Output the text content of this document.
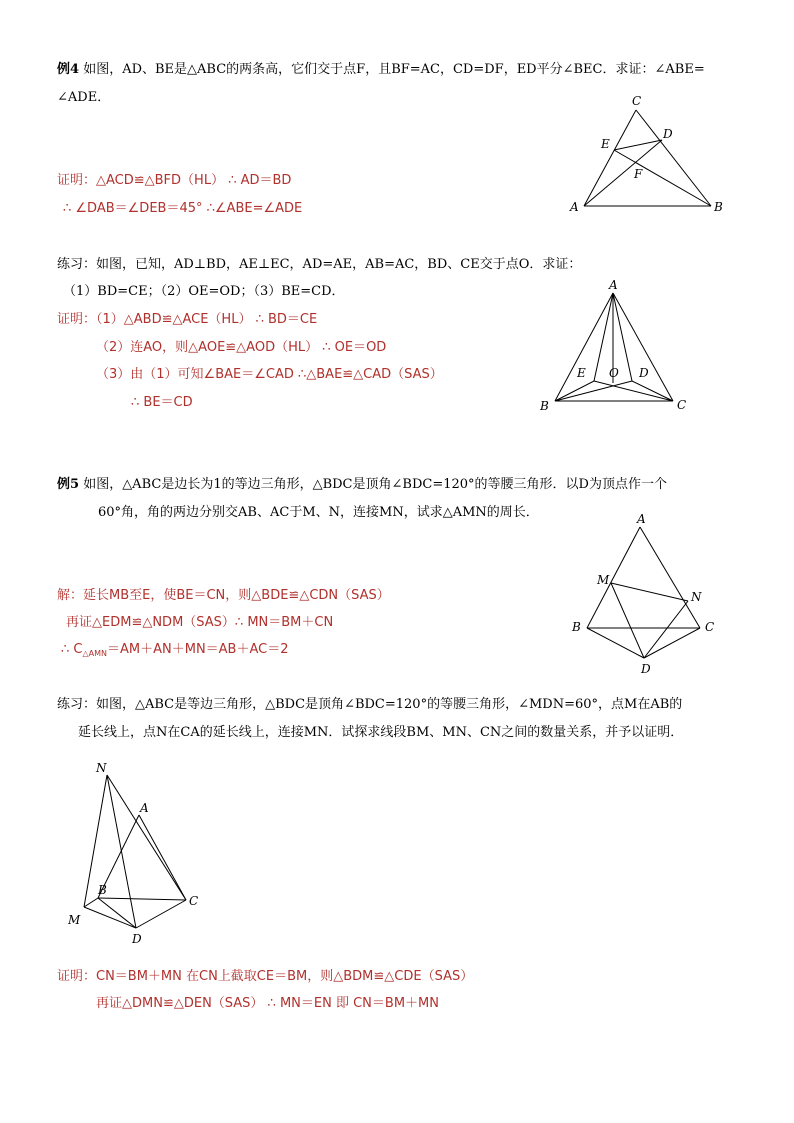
例4 如图，AD、BE是△ABC的两条高，它们交于点F，且BF=AC，CD=DF，ED平分∠BEC．求证：∠ABE=
∠ADE．	C
D
E
F
A	B
证明：△ACD≌△BFD（HL） ∴ AD＝BD
∴ ∠DAB＝∠DEB＝45° ∴∠ABE=∠ADE
练习：如图，已知，AD⊥BD，AE⊥EC，AD=AE，AB=AC，BD、CE交于点O．求证：
（1）BD=CE；（2）OE=OD；（3）BE=CD．	A
E O D
B	C
证明：（1）△ABD≌△ACE（HL） ∴ BD＝CE
（2）连AO，则△AOE≌△AOD（HL） ∴ OE＝OD
（3）由（1）可知∠BAE＝∠CAD ∴△BAE≌△CAD（SAS）
∴ BE＝CD
例5 如图，△ABC是边长为1的等边三角形，△BDC是顶角∠BDC=120°的等腰三角形．以D为顶点作一个
60°角，角的两边分别交AB、AC于M、N，连接MN，试求△AMN的周长．	A
M
N
B	C
D
解：延长MB至E，使BE＝CN，则△BDE≌△CDN（SAS）
再证△EDM≌△NDM（SAS）∴ MN＝BM＋CN
∴ $C_{\triangle AMN}=AM+AN+MN=AB+AC=2$
练习：如图，△ABC是等边三角形，△BDC是顶角∠BDC=120°的等腰三角形，∠MDN=60°，点M在AB的
延长线上，点N在CA的延长线上，连接MN．试探求线段BM、MN、CN之间的数量关系，并予以证明．
N
A
B
C
M
D
证明：CN＝BM＋MN 在CN上截取CE＝BM，则△BDM≌△CDE（SAS）
再证△DMN≌△DEN（SAS） ∴ MN＝EN 即 CN＝BM＋MN
